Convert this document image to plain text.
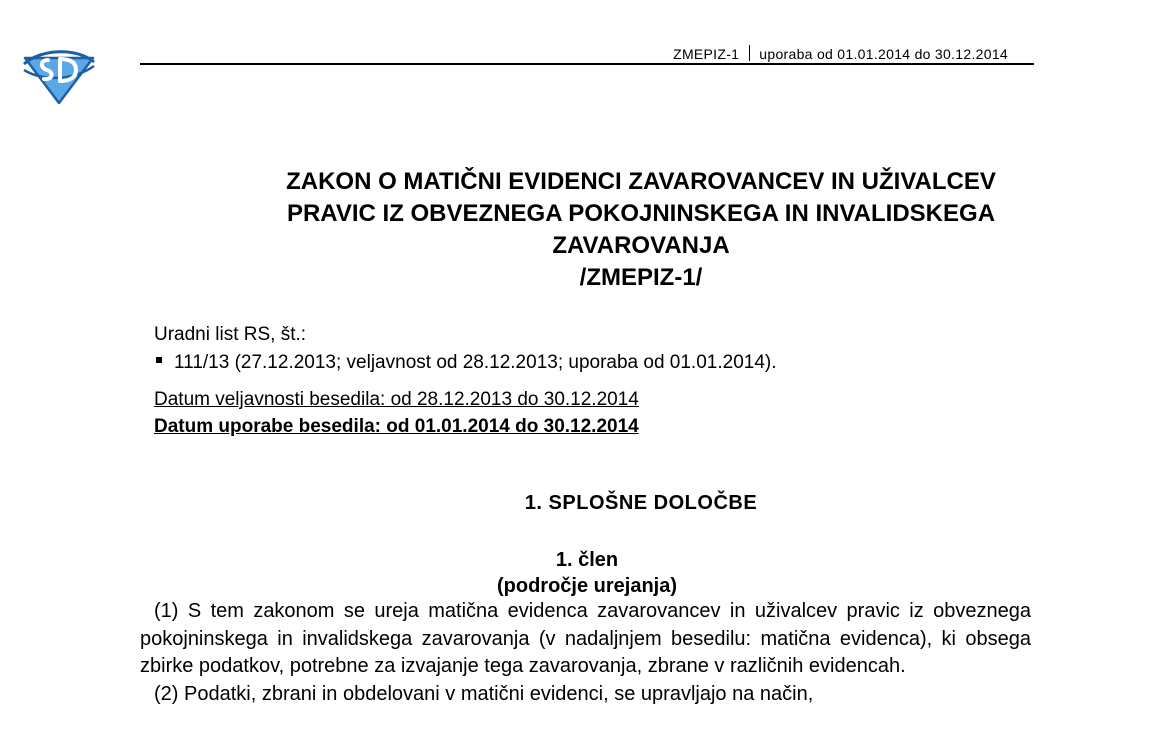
ZMEPIZ-1 uporaba od 01.01.2014 do 30.12.2014
ZAKON O MATIČNI EVIDENCI ZAVAROVANCEV IN UŽIVALCEV
PRAVIC IZ OBVEZNEGA POKOJNINSKEGA IN INVALIDSKEGA
ZAVAROVANJA
/ZMEPIZ-1/
Uradni list RS, št.:
111/13 (27.12.2013; veljavnost od 28.12.2013; uporaba od 01.01.2014).
Datum veljavnosti besedila: od 28.12.2013 do 30.12.2014
Datum uporabe besedila: od 01.01.2014 do 30.12.2014
1. SPLOŠNE DOLOČBE
1. člen
(področje urejanja)

(1) S tem zakonom se ureja matična evidenca zavarovancev in uživalcev pravic iz obveznega pokojninskega in invalidskega zavarovanja (v nadaljnjem besedilu: matična evidenca), ki obsega zbirke podatkov, potrebne za izvajanje tega zavarovanja, zbrane v različnih evidencah.

(2) Podatki, zbrani in obdelovani v matični evidenci, se upravljajo na način,
